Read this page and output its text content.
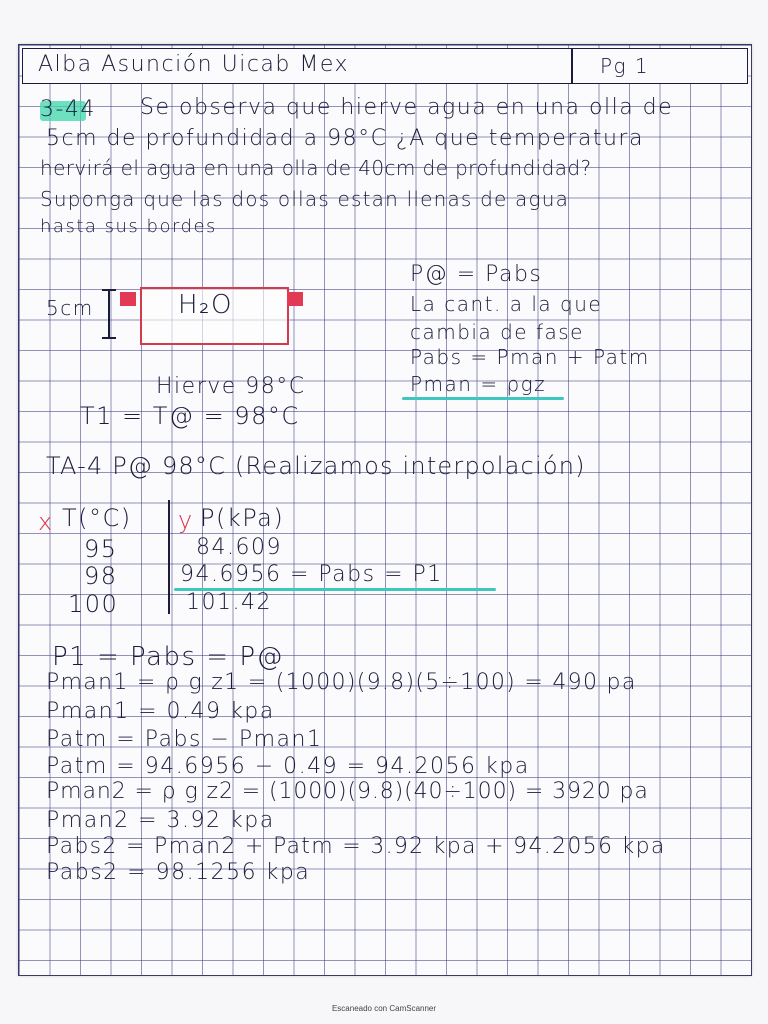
Alba Asunción Uicab Mex	Pg 1
3-44 Se observa que hierve agua en una olla de
5cm de profundidad a 98°C ¿A que temperatura
hervirá el agua en una olla de 40cm de profundidad?
Suponga que las dos ollas estan llenas de agua
hasta sus bordes
5cm	H₂O
Hierve 98°C
T1 = T@ = 98°C
P@ = Pabs
La cant. a la que
cambia de fase
Pabs = Pman + Patm
Pman = ρgz
TA-4 P@ 98°C (Realizamos interpolación)
x T(°C) y P(kPa)
95	84.609
98	94.6956 = Pabs = P1
100	101.42
P1 = Pabs = P@
Pman1 = ρ g z1 = (1000)(9.8)(5÷100) = 490 pa
Pman1 = 0.49 kpa
Patm = Pabs − Pman1
Patm = 94.6956 − 0.49 = 94.2056 kpa
Pman2 = ρ g z2 = (1000)(9.8)(40÷100) = 3920 pa
Pman2 = 3.92 kpa
Pabs2 = Pman2 + Patm = 3.92 kpa + 94.2056 kpa
Pabs2 = 98.1256 kpa
Escaneado con CamScanner
